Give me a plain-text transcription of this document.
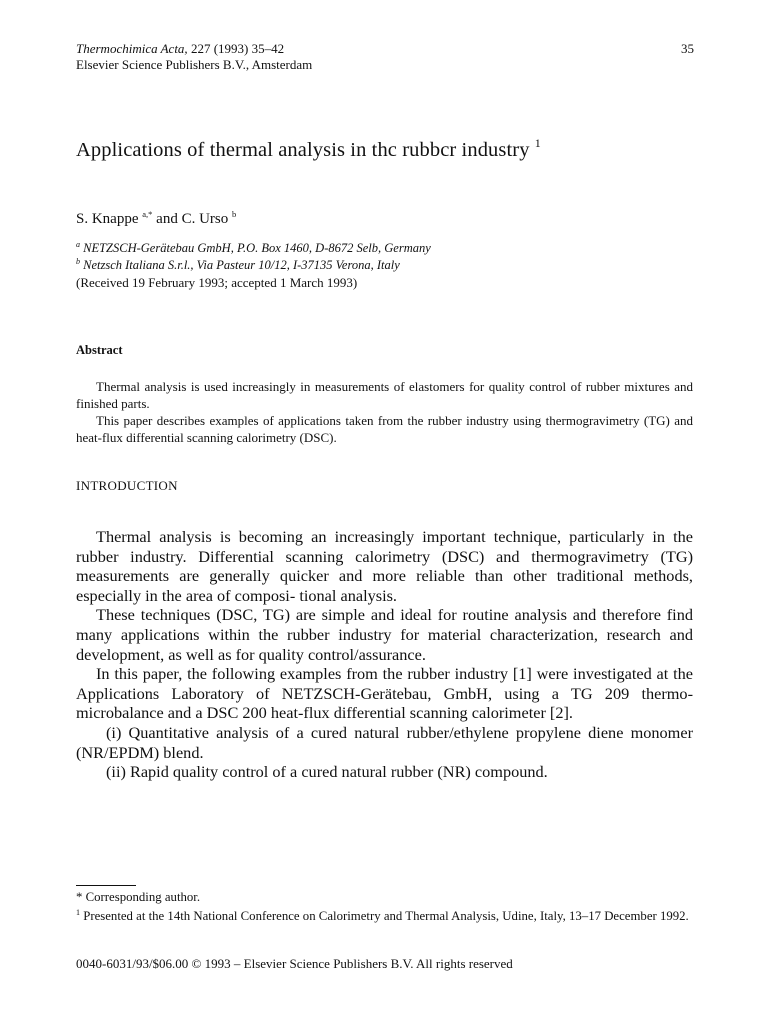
Thermochimica Acta, 227 (1993) 35–42
Elsevier Science Publishers B.V., Amsterdam
35
Applications of thermal analysis in thc rubbcr industry $^1$
S. Knappe $^{a,*}$ and C. Urso $^b$
$^a$ NETZSCH-Gerätebau GmbH, P.O. Box 1460, D-8672 Selb, Germany
$^b$ Netzsch Italiana S.r.l., Via Pasteur 10/12, I-37135 Verona, Italy
(Received 19 February 1993; accepted 1 March 1993)
Abstract

Thermal analysis is used increasingly in measurements of elastomers for quality control of rubber mixtures and finished parts.

This paper describes examples of applications taken from the rubber industry using thermogravimetry (TG) and heat-flux differential scanning calorimetry (DSC).

INTRODUCTION

Thermal analysis is becoming an increasingly important technique, particularly in the rubber industry. Differential scanning calorimetry (DSC) and thermogravimetry (TG) measurements are generally quicker and more reliable than other traditional methods, especially in the area of composi- tional analysis.

These techniques (DSC, TG) are simple and ideal for routine analysis and therefore find many applications within the rubber industry for material characterization, research and development, as well as for quality control/assurance.

In this paper, the following examples from the rubber industry [1] were investigated at the Applications Laboratory of NETZSCH-Gerätebau, GmbH, using a TG 209 thermo-microbalance and a DSC 200 heat-flux differential scanning calorimeter [2].

(i) Quantitative analysis of a cured natural rubber/ethylene propylene diene monomer (NR/EPDM) blend.

(ii) Rapid quality control of a cured natural rubber (NR) compound.

* Corresponding author.
$^1$ Presented at the 14th National Conference on Calorimetry and Thermal Analysis, Udine, Italy, 13–17 December 1992.
0040-6031/93/$06.00 © 1993 – Elsevier Science Publishers B.V. All rights reserved
